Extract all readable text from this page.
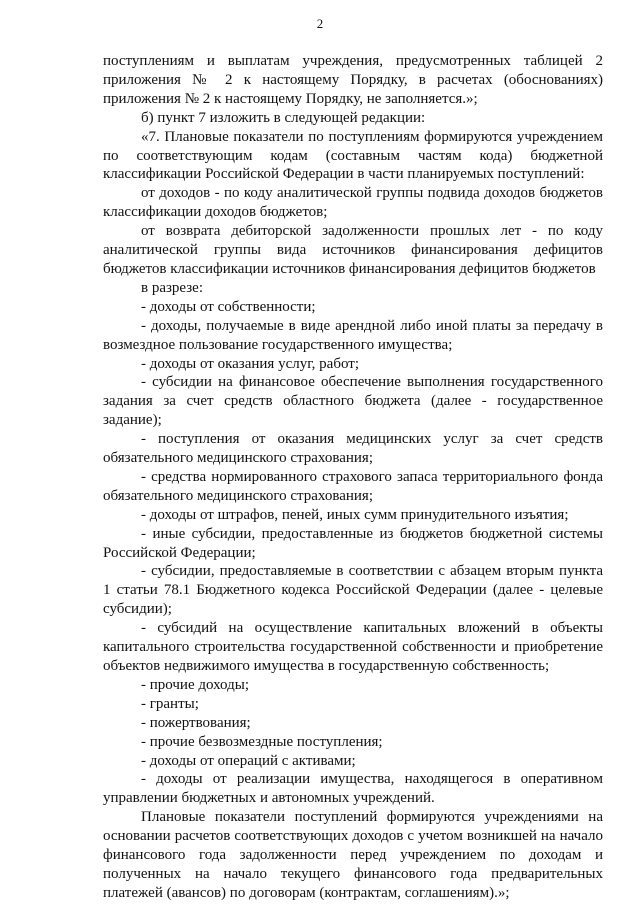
2

поступлениям и выплатам учреждения, предусмотренных таблицей 2 приложения № 2 к настоящему Порядку, в расчетах (обоснованиях) приложения № 2 к настоящему Порядку, не заполняется.»;

б) пункт 7 изложить в следующей редакции:

«7. Плановые показатели по поступлениям формируются учреждением по соответствующим кодам (составным частям кода) бюджетной классификации Российской Федерации в части планируемых поступлений:

от доходов - по коду аналитической группы подвида доходов бюджетов классификации доходов бюджетов;

от возврата дебиторской задолженности прошлых лет - по коду аналитической группы вида источников финансирования дефицитов бюджетов классификации источников финансирования дефицитов бюджетов

в разрезе:

- доходы от собственности;

- доходы, получаемые в виде арендной либо иной платы за передачу в возмездное пользование государственного имущества;

- доходы от оказания услуг, работ;

- субсидии на финансовое обеспечение выполнения государственного задания за счет средств областного бюджета (далее - государственное задание);

- поступления от оказания медицинских услуг за счет средств обязательного медицинского страхования;

- средства нормированного страхового запаса территориального фонда обязательного медицинского страхования;

- доходы от штрафов, пеней, иных сумм принудительного изъятия;

- иные субсидии, предоставленные из бюджетов бюджетной системы Российской Федерации;

- субсидии, предоставляемые в соответствии с абзацем вторым пункта 1 статьи 78.1 Бюджетного кодекса Российской Федерации (далее - целевые субсидии);

- субсидий на осуществление капитальных вложений в объекты капитального строительства государственной собственности и приобретение объектов недвижимого имущества в государственную собственность;

- прочие доходы;

- гранты;

- пожертвования;

- прочие безвозмездные поступления;

- доходы от операций с активами;

- доходы от реализации имущества, находящегося в оперативном управлении бюджетных и автономных учреждений.

Плановые показатели поступлений формируются учреждениями на основании расчетов соответствующих доходов с учетом возникшей на начало финансового года задолженности перед учреждением по доходам и полученных на начало текущего финансового года предварительных платежей (авансов) по договорам (контрактам, соглашениям).»;
